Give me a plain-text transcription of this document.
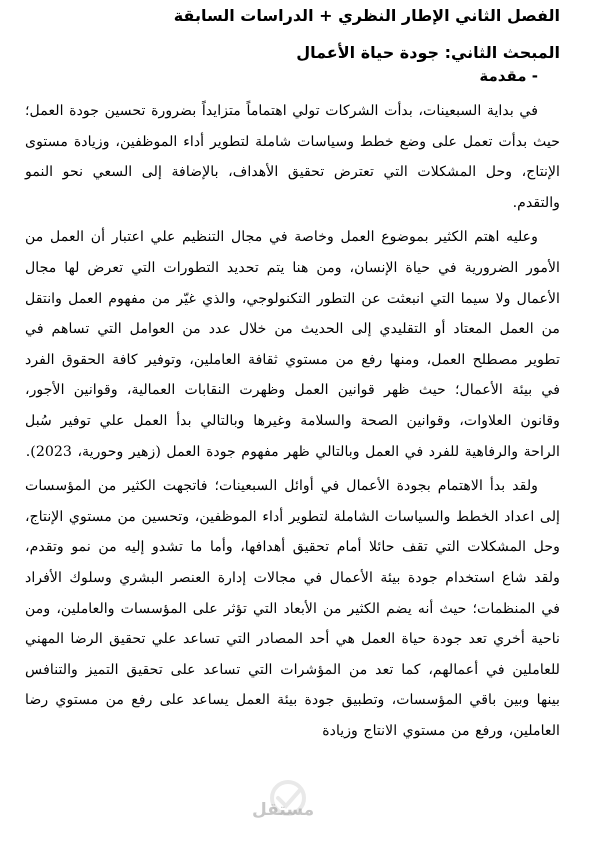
الفصل الثاني الإطار النظري + الدراسات السابقة
المبحث الثاني: جودة حياة الأعمال
- مقدمة

في بداية السبعينات، بدأت الشركات تولي اهتماماً متزايداً بضرورة تحسين جودة العمل؛ حيث بدأت تعمل على وضع خطط وسياسات شاملة لتطوير أداء الموظفين، وزيادة مستوى الإنتاج، وحل المشكلات التي تعترض تحقيق الأهداف، بالإضافة إلى السعي نحو النمو والتقدم.

وعليه اهتم الكثير بموضوع العمل وخاصة في مجال التنظيم علي اعتبار أن العمل من الأمور الضرورية في حياة الإنسان، ومن هنا يتم تحديد التطورات التي تعرض لها مجال الأعمال ولا سيما التي انبعثت عن التطور التكنولوجي، والذي غيّر من مفهوم العمل وانتقل من العمل المعتاد أو التقليدي إلى الحديث من خلال عدد من العوامل التي تساهم في تطوير مصطلح العمل، ومنها رفع من مستوي ثقافة العاملين، وتوفير كافة الحقوق الفرد في بيئة الأعمال؛ حيث ظهر قوانين العمل وظهرت النقابات العمالية، وقوانين الأجور، وقانون العلاوات، وقوانين الصحة والسلامة وغيرها وبالتالي بدأ العمل علي توفير سُبل الراحة والرفاهية للفرد في العمل وبالتالي ظهر مفهوم جودة العمل (زهير وحورية، 2023).

ولقد بدأ الاهتمام بجودة الأعمال في أوائل السبعينات؛ فاتجهت الكثير من المؤسسات إلى اعداد الخطط والسياسات الشاملة لتطوير أداء الموظفين، وتحسين من مستوي الإنتاج، وحل المشكلات التي تقف حائلا أمام تحقيق أهدافها، وأما ما تشدو إليه من نمو وتقدم، ولقد شاع استخدام جودة بيئة الأعمال في مجالات إدارة العنصر البشري وسلوك الأفراد في المنظمات؛ حيث أنه يضم الكثير من الأبعاد التي تؤثر على المؤسسات والعاملين، ومن ناحية أخري تعد جودة حياة العمل هي أحد المصادر التي تساعد علي تحقيق الرضا المهني للعاملين في أعمالهم، كما تعد من المؤشرات التي تساعد على تحقيق التميز والتنافس بينها وبين باقي المؤسسات، وتطبيق جودة بيئة العمل يساعد على رفع من مستوي رضا العاملين، ورفع من مستوي الانتاج وزيادة

مستقل
